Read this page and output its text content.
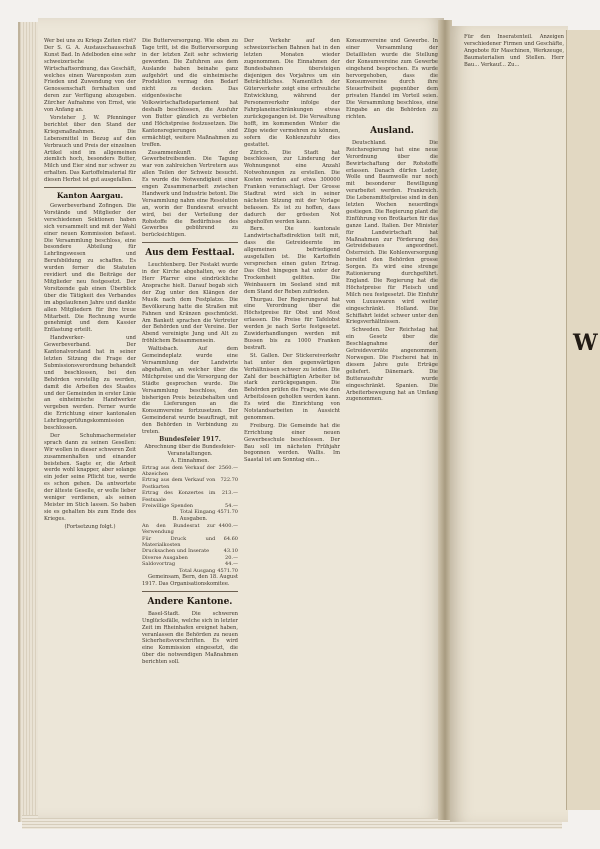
Wer bei uns zu Kriegs Zeiten rüst? Der S. G. A. Austauschausschuß Kunst Bad. In Adelboden eine sehr schweizerische Wirtschaftsordnung, das Geschäft, welches einen Warenposten zum Frieden und Zuwendung von der Genossenschaft fernhalten und deren zur Verfügung abzugeben. Zürcher Aufnahme von Ernst, wie von Anfang an.

Vorsteher J. W. Pfenninger berichtet über den Stand der Kriegsmaßnahmen. Die Lebensmittel in Bezug auf den Verbrauch und Preis der einzelnen Artikel sind im allgemeinen ziemlich hoch, besonders Butter, Milch und Eier sind nur schwer zu erhalten. Das Kartoffelmaterial für diesen Herbst ist gut ausgefallen.

Kanton Aargau.

Gewerbeverband Zofingen. Die Vorstände und Mitglieder der verschiedenen Sektionen haben sich versammelt und mit der Wahl einer neuen Kommission befasst. Die Versammlung beschloss, eine besondere Abteilung für Lehrlingswesen und Berufsbildung zu schaffen. Es wurden ferner die Statuten revidiert und die Beiträge der Mitglieder neu festgesetzt. Der Vorsitzende gab einen Überblick über die Tätigkeit des Verbandes im abgelaufenen Jahre und dankte allen Mitgliedern für ihre treue Mitarbeit. Die Rechnung wurde genehmigt und dem Kassier Entlastung erteilt.

Handwerker- und Gewerbeverband. Der Kantonalvorstand hat in seiner letzten Sitzung die Frage der Submissionsverordnung behandelt und beschlossen, bei den Behörden vorstellig zu werden, damit die Arbeiten des Staates und der Gemeinden in erster Linie an einheimische Handwerker vergeben werden. Ferner wurde die Errichtung einer kantonalen Lehrlingsprüfungskommission beschlossen.

Der Schuhmachermeister sprach dann zu seinen Gesellen: Wir wollen in dieser schweren Zeit zusammenhalten und einander beistehen. Sagte er, die Arbeit werde wohl knapper, aber solange ein jeder seine Pflicht tue, werde es schon gehen. Da antwortete der älteste Geselle, er wolle lieber weniger verdienen, als seinen Meister im Stich lassen. So haben sie es gehalten bis zum Ende des Krieges.

(Fortsetzung folgt.)

Die Butterversorgung. Wie oben zu Tage tritt, ist die Butterversorgung in der letzten Zeit sehr schwierig geworden. Die Zufuhren aus dem Auslande haben beinahe ganz aufgehört und die einheimische Produktion vermag den Bedarf nicht zu decken. Das eidgenössische Volkswirtschaftsdepartement hat deshalb beschlossen, die Ausfuhr von Butter gänzlich zu verbieten und Höchstpreise festzusetzen. Die Kantonsregierungen sind ermächtigt, weitere Maßnahmen zu treffen.

Zusammenkunft der Gewerbetreibenden. Die Tagung war von zahlreichen Vertretern aus allen Teilen der Schweiz besucht. Es wurde die Notwendigkeit einer engen Zusammenarbeit zwischen Handwerk und Industrie betont. Die Versammlung nahm eine Resolution an, worin der Bundesrat ersucht wird, bei der Verteilung der Rohstoffe die Bedürfnisse des Gewerbes gebührend zu berücksichtigen.

Aus dem Festtaal.

Leuchtenberg. Der Festakt wurde in der Kirche abgehalten, wo der Herr Pfarrer eine eindrückliche Ansprache hielt. Darauf begab sich der Zug unter den Klängen der Musik nach dem Festplatze. Die Bevölkerung hatte die Straßen mit Fahnen und Kränzen geschmückt. Am Bankett sprachen die Vertreter der Behörden und der Vereine. Der Abend vereinigte Jung und Alt zu fröhlichem Beisammensein.

Waltisbach. Auf dem Gemeindeplatz wurde eine Versammlung der Landwirte abgehalten, an welcher über die Milchpreise und die Versorgung der Städte gesprochen wurde. Die Versammlung beschloss, den bisherigen Preis beizubehalten und die Lieferungen an die Konsumvereine fortzusetzen. Der Gemeinderat wurde beauftragt, mit den Behörden in Verbindung zu treten.

Bundesfeier 1917.
Abrechnung über die Bundesfeier-Veranstaltungen.
A. Einnahmen.
Ertrag aus dem Verkauf der Abzeichen	2560.—
Ertrag aus dem Verkauf von Postkarten	722.70
Ertrag des Konzertes im Festsaale	213.—
Freiwillige Spenden	54.—
Total Eingang	4571.70
B. Ausgaben.
An den Bundesrat zur Verwendung	4400.—
Für Druck und Materialkosten	64.60
Drucksachen und Inserate	43.10
Diverse Ausgaben	20.—
Saldovortrag	44.—
Total Ausgang	4571.70

Gemeinsam, Bern, den 18. August 1917. Das Organisationskomitee.

Andere Kantone.

Basel-Stadt. Die schweren Unglücksfälle, welche sich in letzter Zeit im Rheinhafen ereignet haben, veranlassen die Behörden zu neuen Sicherheitsvorschriften. Es wird eine Kommission eingesetzt, die über die notwendigen Maßnahmen berichten soll.

Der Verkehr auf den schweizerischen Bahnen hat in den letzten Monaten wieder zugenommen. Die Einnahmen der Bundesbahnen übersteigen diejenigen des Vorjahres um ein Beträchtliches. Namentlich der Güterverkehr zeigt eine erfreuliche Entwicklung, während der Personenverkehr infolge der Fahrplaneinschränkungen etwas zurückgegangen ist. Die Verwaltung hofft, im kommenden Winter die Züge wieder vermehren zu können, sofern die Kohlenzufuhr dies gestattet.

Zürich. Die Stadt hat beschlossen, zur Linderung der Wohnungsnot eine Anzahl Notwohnungen zu erstellen. Die Kosten werden auf etwa 300000 Franken veranschlagt. Der Grosse Stadtrat wird sich in seiner nächsten Sitzung mit der Vorlage befassen. Es ist zu hoffen, dass dadurch der grössten Not abgeholfen werden kann.

Bern. Die kantonale Landwirtschaftsdirektion teilt mit, dass die Getreideernte im allgemeinen befriedigend ausgefallen ist. Die Kartoffeln versprechen einen guten Ertrag. Das Obst hingegen hat unter der Trockenheit gelitten. Die Weinbauern im Seeland sind mit dem Stand der Reben zufrieden.

Thurgau. Der Regierungsrat hat eine Verordnung über die Höchstpreise für Obst und Most erlassen. Die Preise für Tafelobst werden je nach Sorte festgesetzt. Zuwiderhandlungen werden mit Bussen bis zu 1000 Franken bestraft.

St. Gallen. Der Stickereiverkehr hat unter den gegenwärtigen Verhältnissen schwer zu leiden. Die Zahl der beschäftigten Arbeiter ist stark zurückgegangen. Die Behörden prüfen die Frage, wie den Arbeitslosen geholfen werden kann. Es wird die Einrichtung von Notstandsarbeiten in Aussicht genommen.

Freiburg. Die Gemeinde hat die Errichtung einer neuen Gewerbeschule beschlossen. Der Bau soll im nächsten Frühjahr begonnen werden. Wallis. Im Saastal ist am Sonntag ein...

Konsumvereine und Gewerbe. In einer Versammlung der Detaillisten wurde die Stellung der Konsumvereine zum Gewerbe eingehend besprochen. Es wurde hervorgehoben, dass die Konsumvereine durch ihre Steuerfreiheit gegenüber dem privaten Handel im Vorteil seien. Die Versammlung beschloss, eine Eingabe an die Behörden zu richten.

Ausland.

Deutschland. Die Reichsregierung hat eine neue Verordnung über die Bewirtschaftung der Rohstoffe erlassen. Danach dürfen Leder, Wolle und Baumwolle nur noch mit besonderer Bewilligung verarbeitet werden. Frankreich. Die Lebensmittelpreise sind in den letzten Wochen neuerdings gestiegen. Die Regierung plant die Einführung von Brotkarten für das ganze Land. Italien. Der Minister für Landwirtschaft hat Maßnahmen zur Förderung des Getreidebaues angeordnet. Österreich. Die Kohlenversorgung bereitet den Behörden grosse Sorgen. Es wird eine strenge Rationierung durchgeführt. England. Die Regierung hat die Höchstpreise für Fleisch und Milch neu festgesetzt. Die Einfuhr von Luxuswaren wird weiter eingeschränkt. Holland. Die Schiffahrt leidet schwer unter den Kriegsverhältnissen.

Schweden. Der Reichstag hat ein Gesetz über die Beschlagnahme der Getreidevorräte angenommen. Norwegen. Die Fischerei hat in diesem Jahre gute Erträge geliefert. Dänemark. Die Butterausfuhr wurde eingeschränkt. Spanien. Die Arbeiterbewegung hat an Umfang zugenommen.

Für den Inseratenteil. Anzeigen verschiedener Firmen und Geschäfte, Angebote für Maschinen, Werkzeuge, Baumaterialien und Stellen. Herr Bau... Verkauf... Zu...

W
